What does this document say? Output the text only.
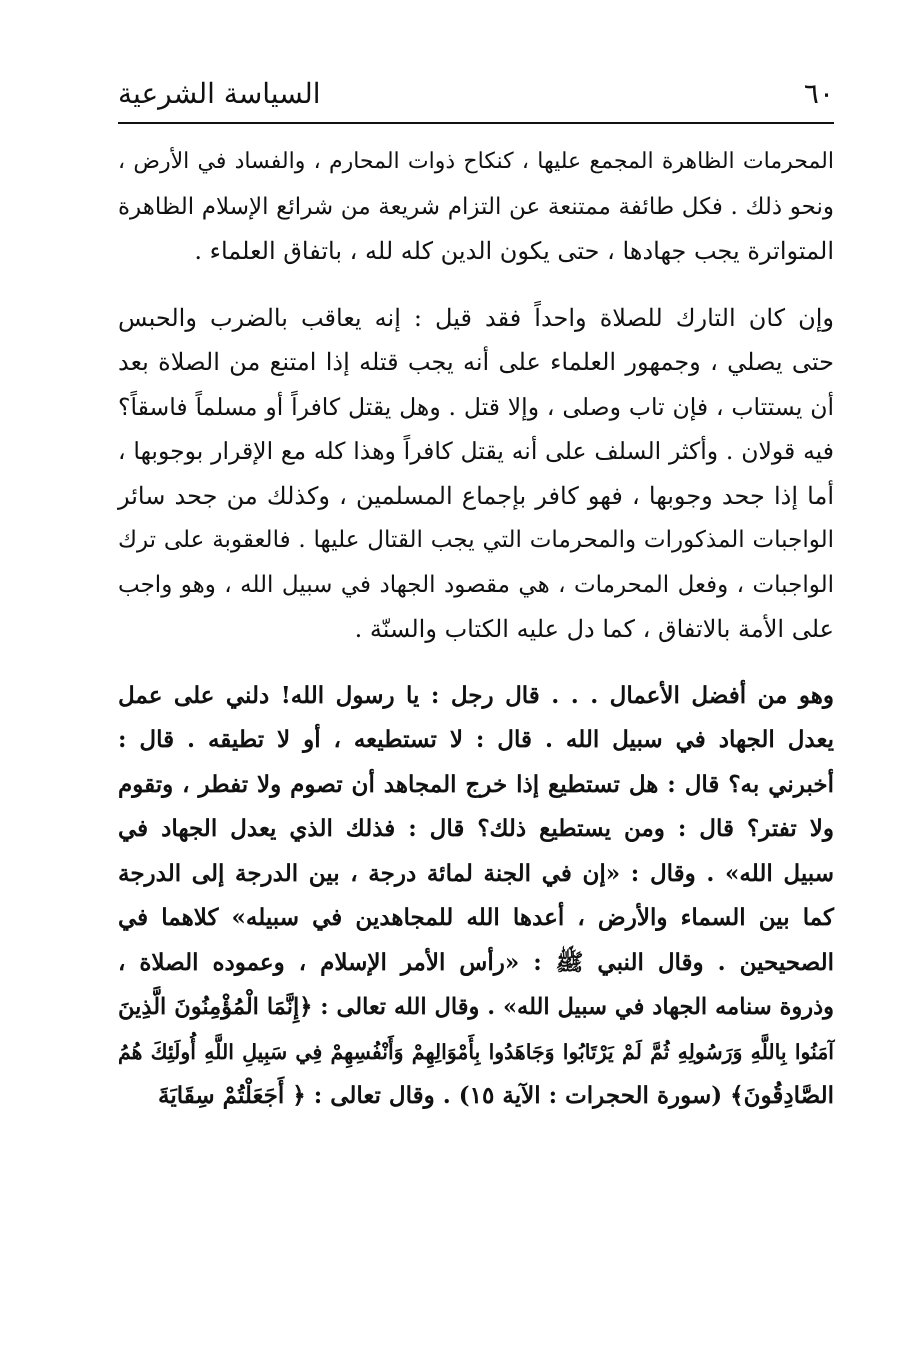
٦٠
السياسة الشرعية

المحرمات الظاهرة المجمع عليها ، كنكاح ذوات المحارم ، والفساد في الأرض ،
ونحو ذلك . فكل طائفة ممتنعة عن التزام شريعة من شرائع الإسلام الظاهرة
المتواترة يجب جهادها ، حتى يكون الدين كله لله ، باتفاق العلماء .

وإن كان التارك للصلاة واحداً فقد قيل : إنه يعاقب بالضرب والحبس
حتى يصلي ، وجمهور العلماء على أنه يجب قتله إذا امتنع من الصلاة بعد
أن يستتاب ، فإن تاب وصلى ، وإلا قتل . وهل يقتل كافراً أو مسلماً فاسقاً؟
فيه قولان . وأكثر السلف على أنه يقتل كافراً وهذا كله مع الإقرار بوجوبها ،
أما إذا جحد وجوبها ، فهو كافر بإجماع المسلمين ، وكذلك من جحد سائر
الواجبات المذكورات والمحرمات التي يجب القتال عليها . فالعقوبة على ترك
الواجبات ، وفعل المحرمات ، هي مقصود الجهاد في سبيل الله ، وهو واجب
على الأمة بالاتفاق ، كما دل عليه الكتاب والسنّة .

وهو من أفضل الأعمال . . . قال رجل : يا رسول الله! دلني على عمل
يعدل الجهاد في سبيل الله . قال : لا تستطيعه ، أو لا تطيقه . قال :
أخبرني به؟ قال : هل تستطيع إذا خرج المجاهد أن تصوم ولا تفطر ، وتقوم
ولا تفتر؟ قال : ومن يستطيع ذلك؟ قال : فذلك الذي يعدل الجهاد في
سبيل الله» . وقال : «إن في الجنة لمائة درجة ، بين الدرجة إلى الدرجة
كما بين السماء والأرض ، أعدها الله للمجاهدين في سبيله» كلاهما في
الصحيحين . وقال النبي ﷺ : «رأس الأمر الإسلام ، وعموده الصلاة ،
وذروة سنامه الجهاد في سبيل الله» . وقال الله تعالى : ﴿إِنَّمَا الْمُؤْمِنُونَ الَّذِينَ
آمَنُوا بِاللَّهِ وَرَسُولِهِ ثُمَّ لَمْ يَرْتَابُوا وَجَاهَدُوا بِأَمْوَالِهِمْ وَأَنْفُسِهِمْ فِي سَبِيلِ اللَّهِ أُولَئِكَ هُمُ
الصَّادِقُونَ﴾ (سورة الحجرات : الآية ١٥) . وقال تعالى : ﴿ أَجَعَلْتُمْ سِقَايَةَ
